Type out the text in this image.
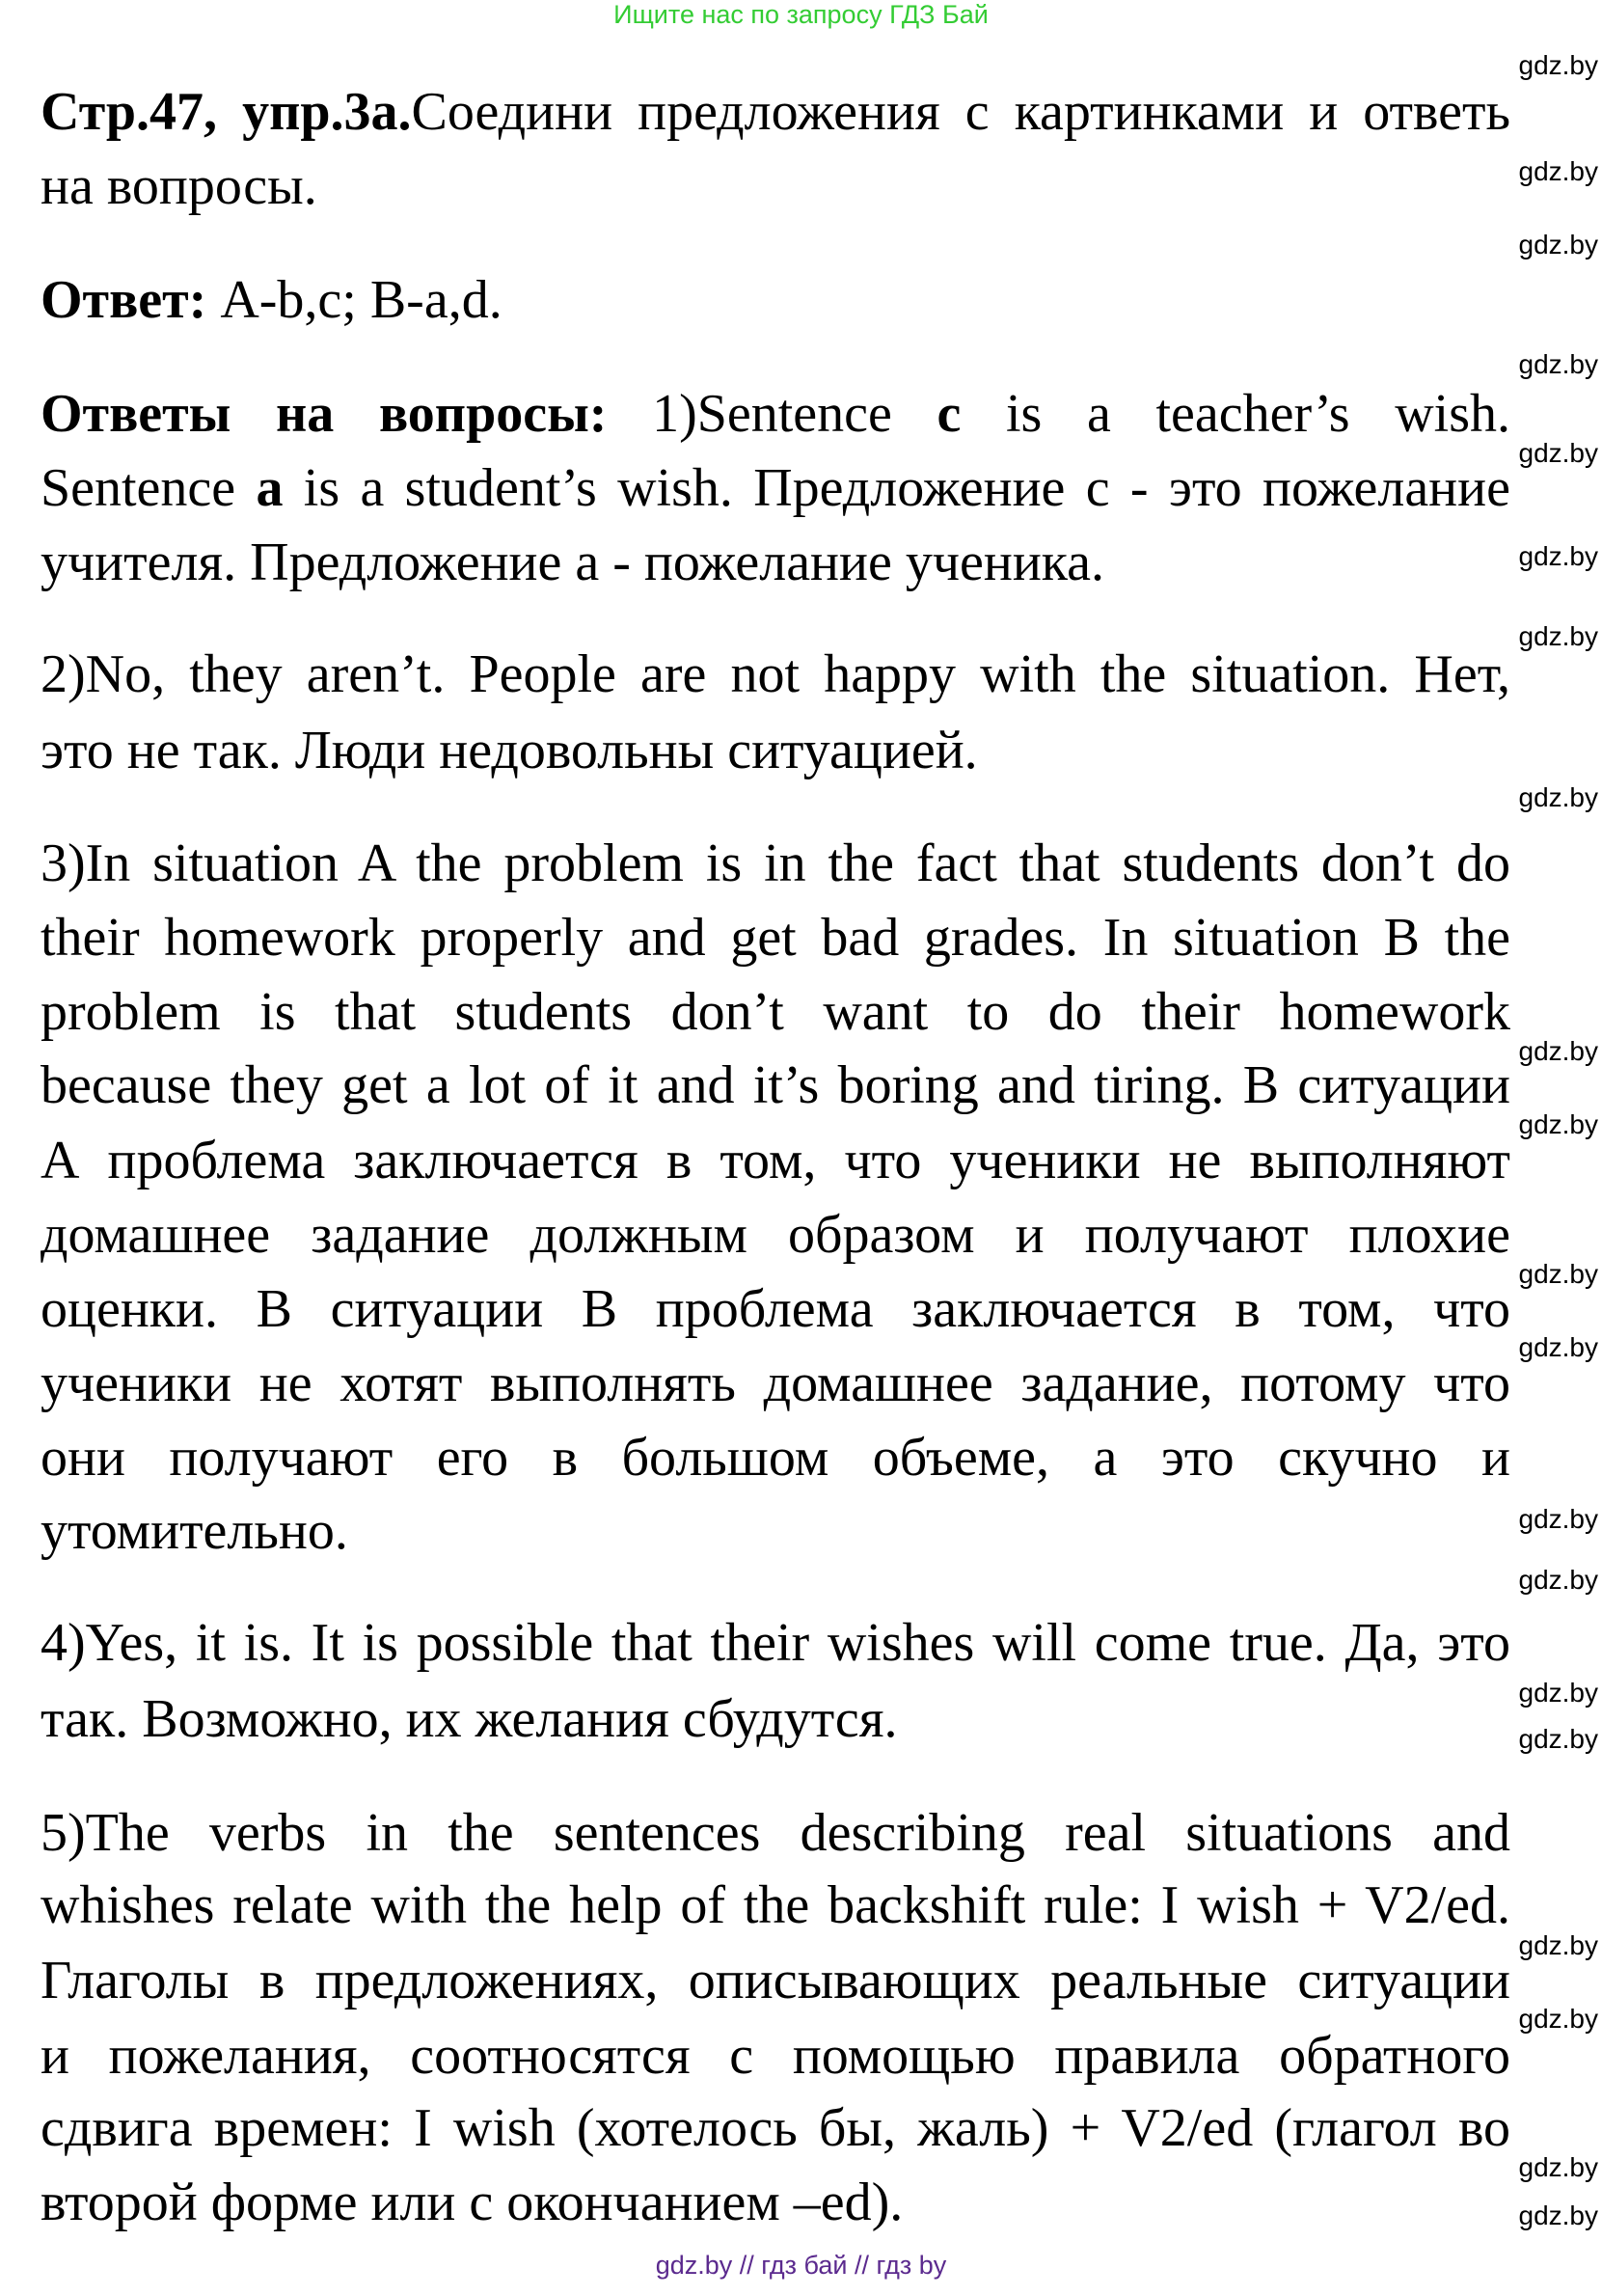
Ищите нас по запросу ГДЗ Бай
Стр.47, упр.3а.Соедини предложения с картинками и ответь
на вопросы.
Ответ: A-b,c; B-a,d.
Ответы на вопросы: 1)Sentence c is a teacher’s wish.
Sentence a is a student’s wish. Предложение с - это пожелание
учителя. Предложение а - пожелание ученика.
2)No, they aren’t. People are not happy with the situation. Нет,
это не так. Люди недовольны ситуацией.
3)In situation A the problem is in the fact that students don’t do
their homework properly and get bad grades. In situation B the
problem is that students don’t want to do their homework
because they get a lot of it and it’s boring and tiring. В ситуации
А проблема заключается в том, что ученики не выполняют
домашнее задание должным образом и получают плохие
оценки. В ситуации В проблема заключается в том, что
ученики не хотят выполнять домашнее задание, потому что
они получают его в большом объеме, а это скучно и
утомительно.
4)Yes, it is. It is possible that their wishes will come true. Да, это
так. Возможно, их желания сбудутся.
5)The verbs in the sentences describing real situations and
whishes relate with the help of the backshift rule: I wish + V2/ed.
Глаголы в предложениях, описывающих реальные ситуации
и пожелания, соотносятся с помощью правила обратного
сдвига времен: I wish (хотелось бы, жаль) + V2/ed (глагол во
второй форме или с окончанием –ed).
gdz.by
gdz.by
gdz.by
gdz.by
gdz.by
gdz.by
gdz.by
gdz.by
gdz.by
gdz.by
gdz.by
gdz.by
gdz.by
gdz.by
gdz.by
gdz.by
gdz.by
gdz.by
gdz.by
gdz.by
gdz.by // гдз бай // гдз by
